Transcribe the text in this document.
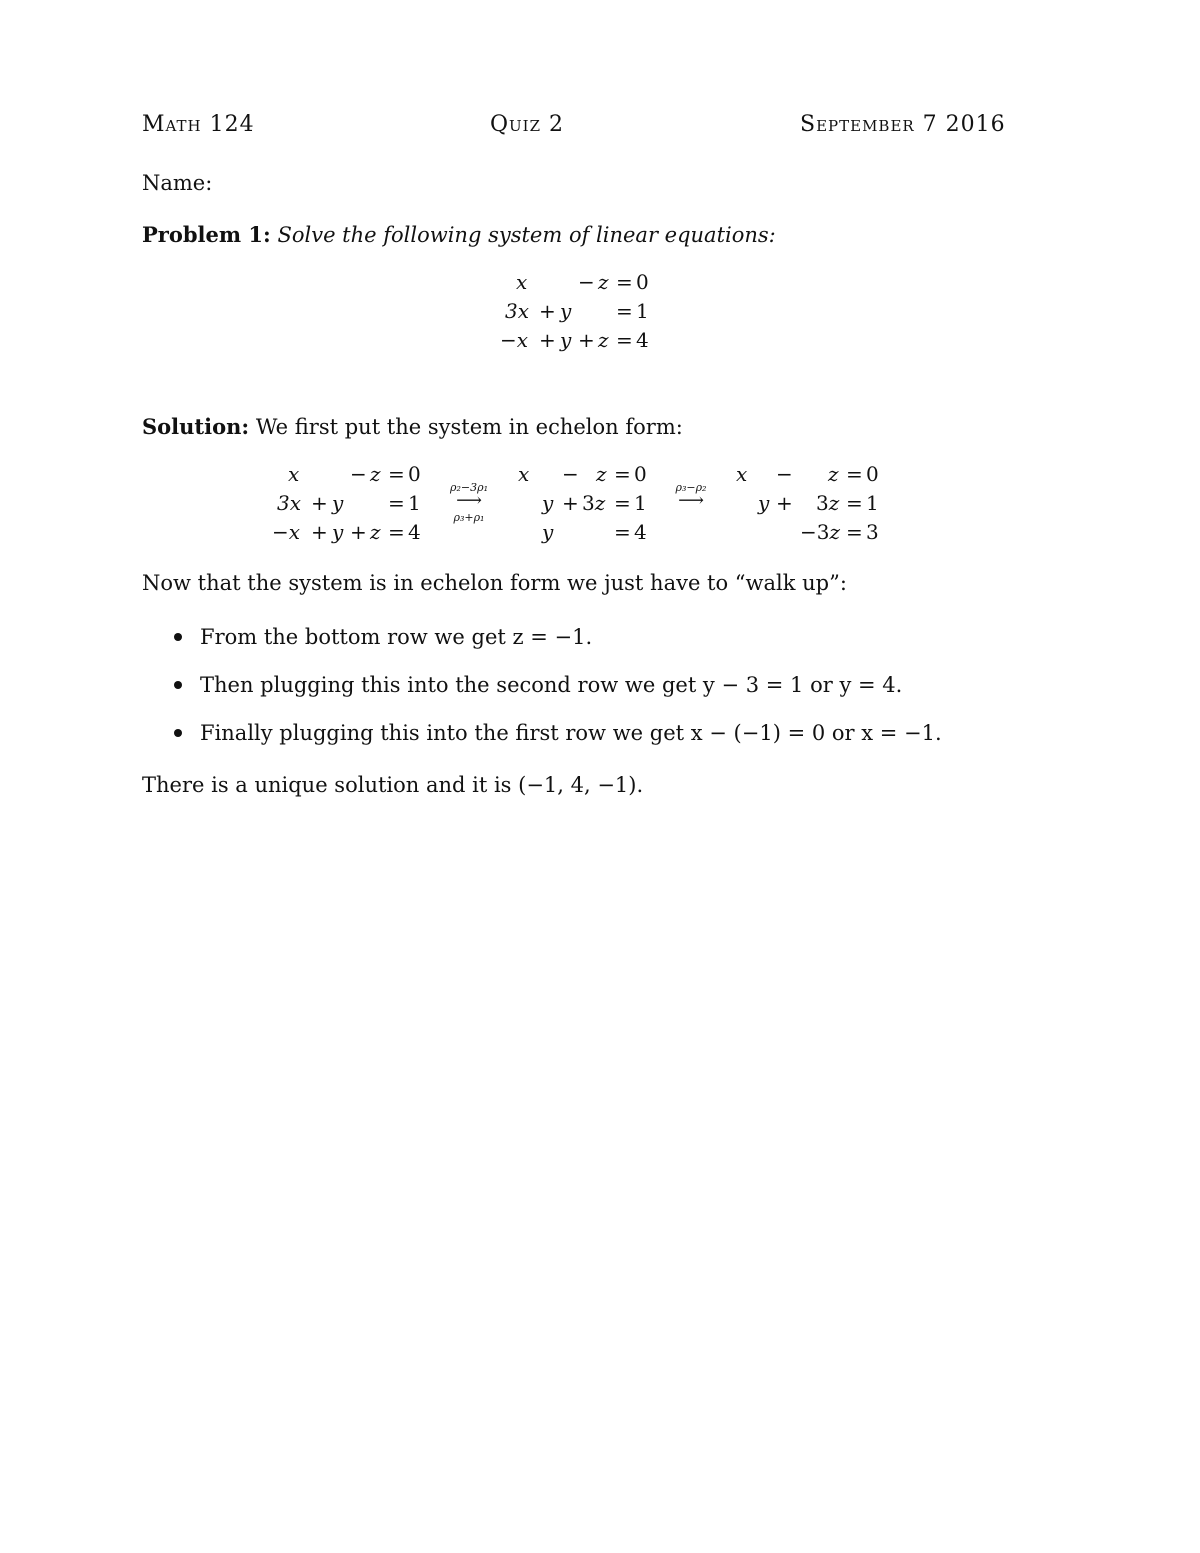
Math 124	Quiz 2	September 7 2016
Name:
Problem 1: Solve the following system of linear equations:
x	− z = 0
3x + y = 1
−x + y + z = 4
Solution: We first put the system in echelon form:
x	− z = 0
3x + y = 1
−x + y + z = 4
ρ₂−3ρ₁
⟶
ρ₃+ρ₁
x − z = 0
y + 3z = 1
y	= 4
ρ₃−ρ₂
⟶
x − z = 0
y + 3z = 1
−3z = 3
Now that the system is in echelon form we just have to “walk up”:
From the bottom row we get z = −1.
Then plugging this into the second row we get y − 3 = 1 or y = 4.
Finally plugging this into the first row we get x − (−1) = 0 or x = −1.
There is a unique solution and it is (−1, 4, −1).
